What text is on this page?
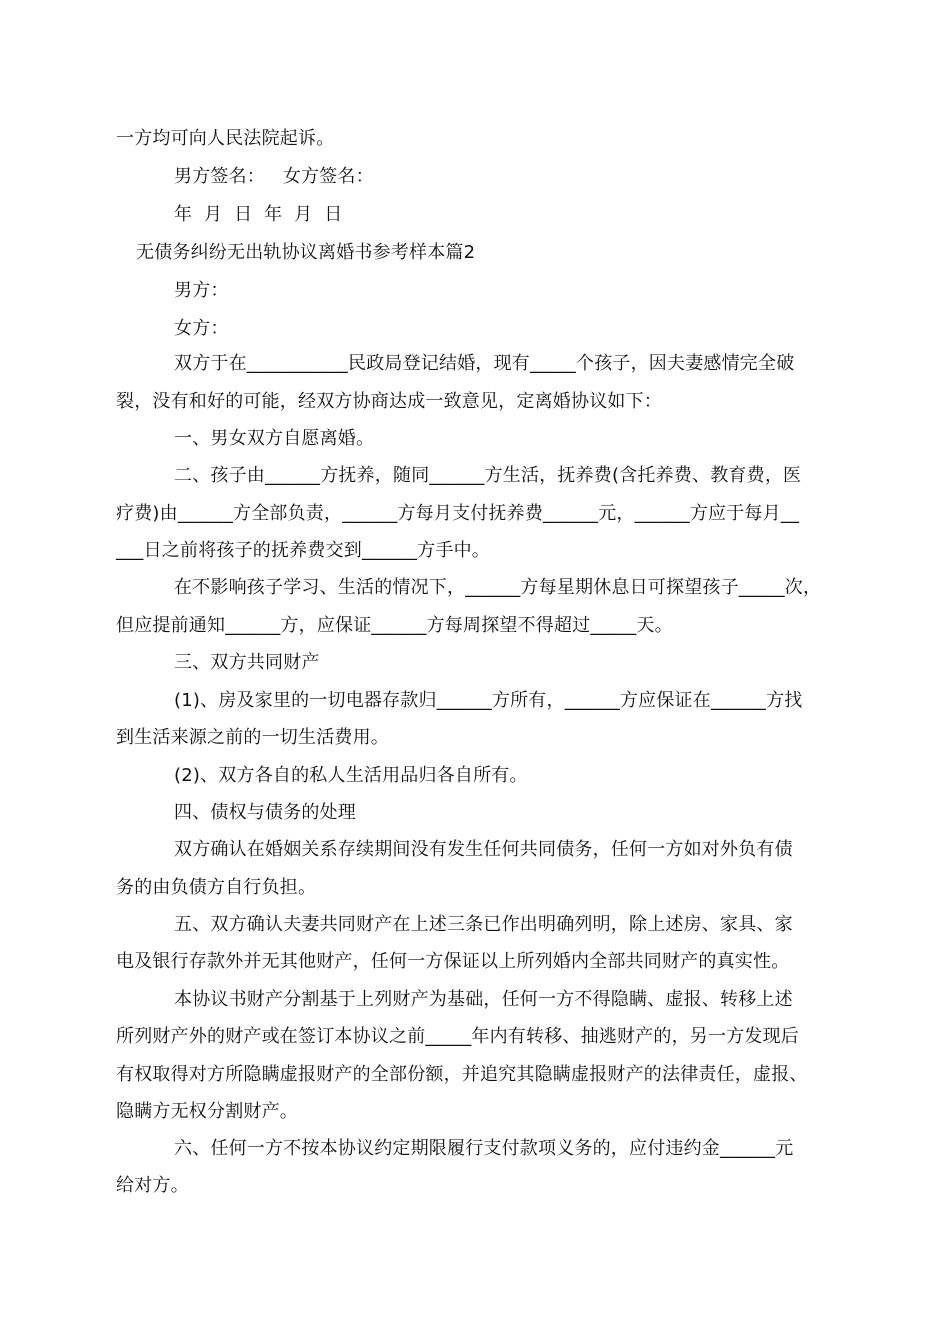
一方均可向人民法院起诉。
男方签名：   女方签名：
年  月  日  年  月  日
无债务纠纷无出轨协议离婚书参考样本篇2
男方：
女方：
双方于在___________民政局登记结婚，现有_____个孩子，因夫妻感情完全破
裂，没有和好的可能，经双方协商达成一致意见，定离婚协议如下：
一、男女双方自愿离婚。
二、孩子由______方抚养，随同______方生活，抚养费(含托养费、教育费，医
疗费)由______方全部负责，______方每月支付抚养费______元，______方应于每月__
___日之前将孩子的抚养费交到______方手中。
在不影响孩子学习、生活的情况下，______方每星期休息日可探望孩子_____次，
但应提前通知______方，应保证______方每周探望不得超过_____天。
三、双方共同财产
(1)、房及家里的一切电器存款归______方所有，______方应保证在______方找
到生活来源之前的一切生活费用。
(2)、双方各自的私人生活用品归各自所有。
四、债权与债务的处理
双方确认在婚姻关系存续期间没有发生任何共同债务，任何一方如对外负有债
务的由负债方自行负担。
五、双方确认夫妻共同财产在上述三条已作出明确列明，除上述房、家具、家
电及银行存款外并无其他财产，任何一方保证以上所列婚内全部共同财产的真实性。
本协议书财产分割基于上列财产为基础，任何一方不得隐瞒、虚报、转移上述
所列财产外的财产或在签订本协议之前_____年内有转移、抽逃财产的，另一方发现后
有权取得对方所隐瞒虚报财产的全部份额，并追究其隐瞒虚报财产的法律责任，虚报、
隐瞒方无权分割财产。
六、任何一方不按本协议约定期限履行支付款项义务的，应付违约金______元
给对方。
